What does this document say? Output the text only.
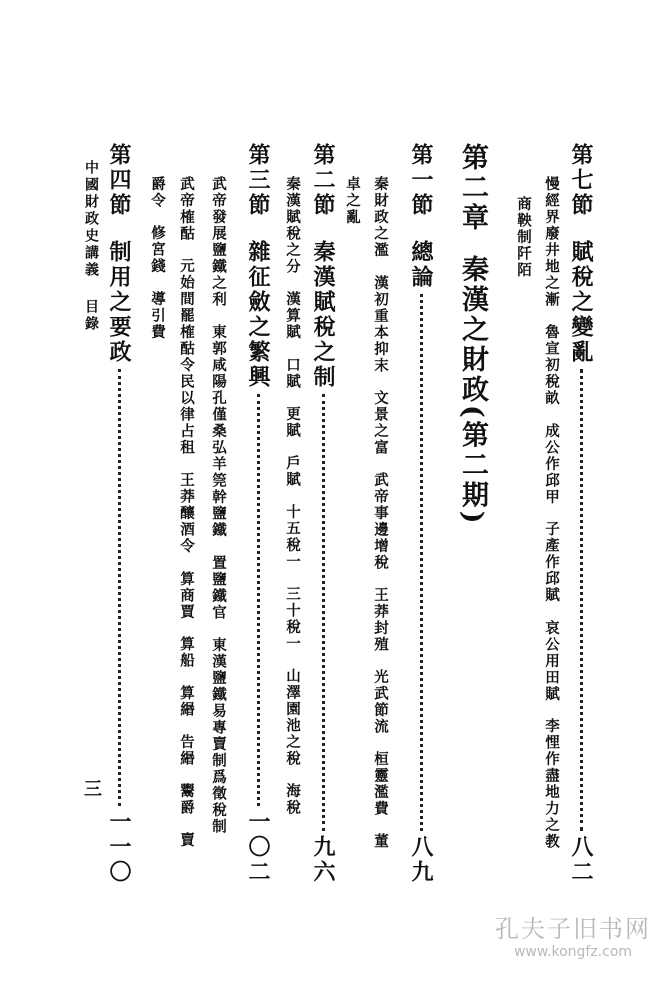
第七節
賦稅之變亂
八二
慢經界廢井地之漸
魯宣初稅畝
成公作邱甲
子產作邱賦
哀公用田賦
李悝作盡地力之教
商鞅制阡陌
第二章
秦漢之財政(第二期)
第一節
總論
八九
秦財政之濫
漢初重本抑末
文景之富
武帝事邊增稅
王莽封殖
光武節流
桓靈濫費
董
卓之亂
第二節
秦漢賦稅之制
九六
秦漢賦稅之分
漢算賦
口賦
更賦
戶賦
十五稅一
三十稅一
山澤園池之稅
海稅
第三節
雜征斂之繁興
一〇二
武帝發展鹽鐵之利
東郭咸陽孔僅桑弘羊筦幹鹽鐵
置鹽鐵官
東漢鹽鐵易專賣制爲徵稅制
武帝榷酤
元始間罷榷酤令民以律占租
王莽釀酒令
算商賈
算船
算緡
告緡
鬻爵
賣
爵令
修宮錢
導引費
第四節
制用之要政
一一〇
中國財政史講義
目錄
三
孔夫子旧书网
www.kongfz.com
